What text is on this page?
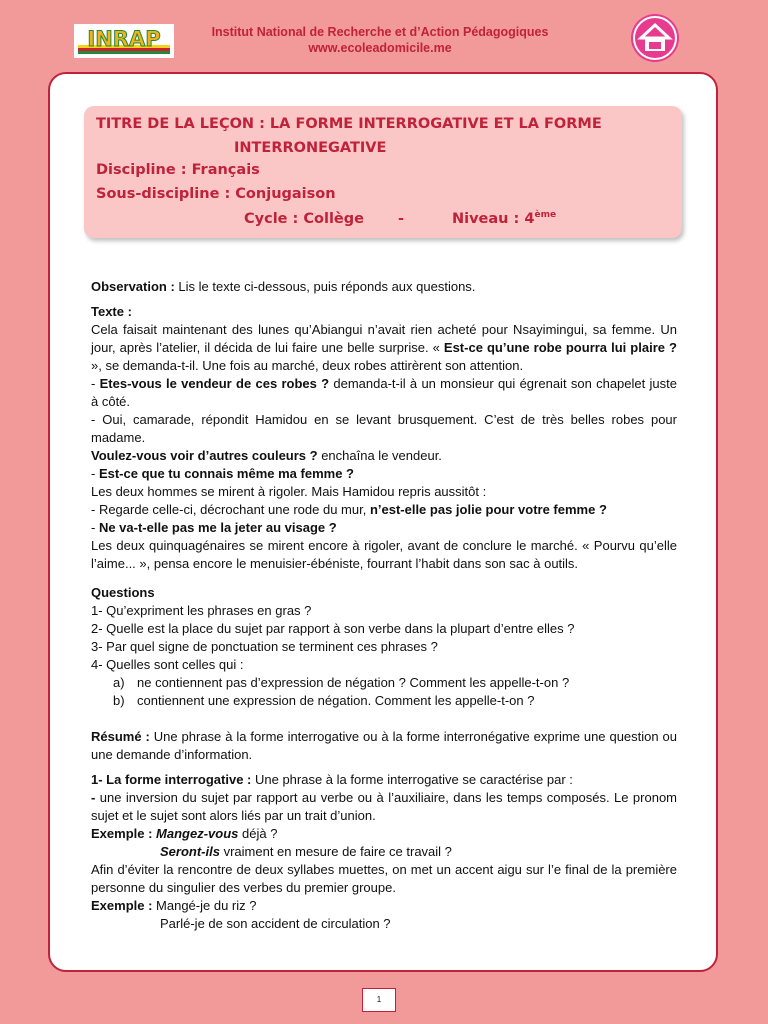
INRAP	Institut National de Recherche et d’Action Pédagogiques
www.ecoleadomicile.me
TITRE DE LA LEÇON : LA FORME INTERROGATIVE ET LA FORME
INTERRONEGATIVE
Discipline : Français
Sous-discipline : Conjugaison
Cycle : Collège -	Niveau : 4ème

Observation : Lis le texte ci-dessous, puis réponds aux questions.

Texte :

Cela faisait maintenant des lunes qu’Abiangui n’avait rien acheté pour Nsayimingui, sa femme. Un jour, après l’atelier, il décida de lui faire une belle surprise. « Est-ce qu’une robe pourra lui plaire ? », se demanda-t-il. Une fois au marché, deux robes attirèrent son attention.

- Etes-vous le vendeur de ces robes ? demanda-t-il à un monsieur qui égrenait son chapelet juste à côté.

- Oui, camarade, répondit Hamidou en se levant brusquement. C’est de très belles robes pour madame.

Voulez-vous voir d’autres couleurs ? enchaîna le vendeur.

- Est-ce que tu connais même ma femme ?

Les deux hommes se mirent à rigoler. Mais Hamidou repris aussitôt :

- Regarde celle-ci, décrochant une rode du mur, n’est-elle pas jolie pour votre femme ?

- Ne va-t-elle pas me la jeter au visage ?

Les deux quinquagénaires se mirent encore à rigoler, avant de conclure le marché. « Pourvu qu’elle l’aime... », pensa encore le menuisier-ébéniste, fourrant l’habit dans son sac à outils.

Questions

1- Qu’expriment les phrases en gras ?

2- Quelle est la place du sujet par rapport à son verbe dans la plupart d’entre elles ?

3- Par quel signe de ponctuation se terminent ces phrases ?

4- Quelles sont celles qui :

a) ne contiennent pas d’expression de négation ? Comment les appelle-t-on ?

b) contiennent une expression de négation. Comment les appelle-t-on ?

Résumé : Une phrase à la forme interrogative ou à la forme interronégative exprime une question ou une demande d’information.

1- La forme interrogative : Une phrase à la forme interrogative se caractérise par :

- une inversion du sujet par rapport au verbe ou à l’auxiliaire, dans les temps composés. Le pronom sujet et le sujet sont alors liés par un trait d’union.

Exemple : Mangez-vous déjà ?

Seront-ils vraiment en mesure de faire ce travail ?

Afin d’éviter la rencontre de deux syllabes muettes, on met un accent aigu sur l’e final de la première personne du singulier des verbes du premier groupe.

Exemple : Mangé-je du riz ?

Parlé-je de son accident de circulation ?

1
